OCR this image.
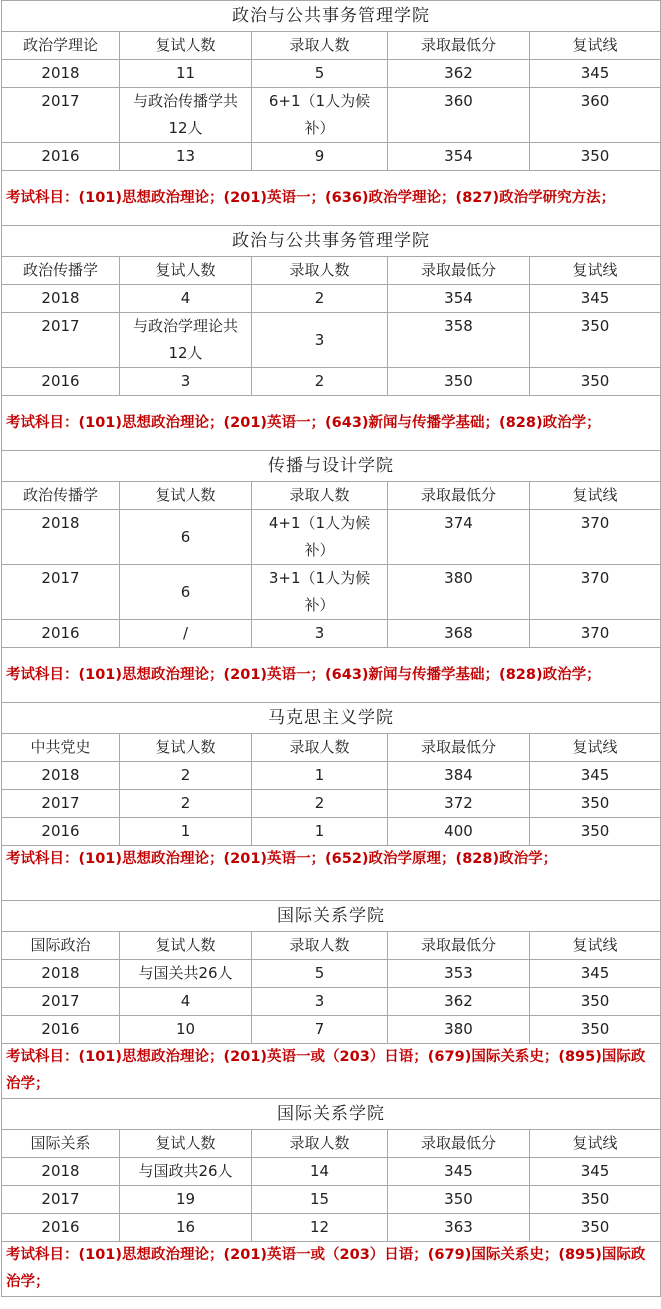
政治与公共事务管理学院				
政治学理论	复试人数	录取人数	录取最低分	复试线
2018	11	5	362	345

2017	与政治传播学共12人	6+1（1人为候补）	360	360

2016	13	9	354	350
考试科目：(101)思想政治理论；(201)英语一；(636)政治学理论；(827)政治学研究方法；				
政治与公共事务管理学院				
政治传播学	复试人数	录取人数	录取最低分	复试线
2018	4	2	354	345

2017	与政治学理论共12人	3	358	350

2016	3	2	350	350
考试科目：(101)思想政治理论；(201)英语一；(643)新闻与传播学基础；(828)政治学；				
传播与设计学院				
政治传播学	复试人数	录取人数	录取最低分	复试线

2018	6	4+1（1人为候补）	374	370

2017	6	3+1（1人为候补）	380	370

2016	/	3	368	370
考试科目：(101)思想政治理论；(201)英语一；(643)新闻与传播学基础；(828)政治学；				
马克思主义学院				
中共党史	复试人数	录取人数	录取最低分	复试线
2018	2	1	384	345
2017	2	2	372	350
2016	1	1	400	350
考试科目：(101)思想政治理论；(201)英语一；(652)政治学原理；(828)政治学；				
国际关系学院				
国际政治	复试人数	录取人数	录取最低分	复试线
2018	与国关共26人	5	353	345
2017	4	3	362	350
2016	10	7	380	350
考试科目：(101)思想政治理论；(201)英语一或（203）日语；(679)国际关系史；(895)国际政治学；				
国际关系学院				
国际关系	复试人数	录取人数	录取最低分	复试线
2018	与国政共26人	14	345	345
2017	19	15	350	350
2016	16	12	363	350
考试科目：(101)思想政治理论；(201)英语一或（203）日语；(679)国际关系史；(895)国际政治学；				
